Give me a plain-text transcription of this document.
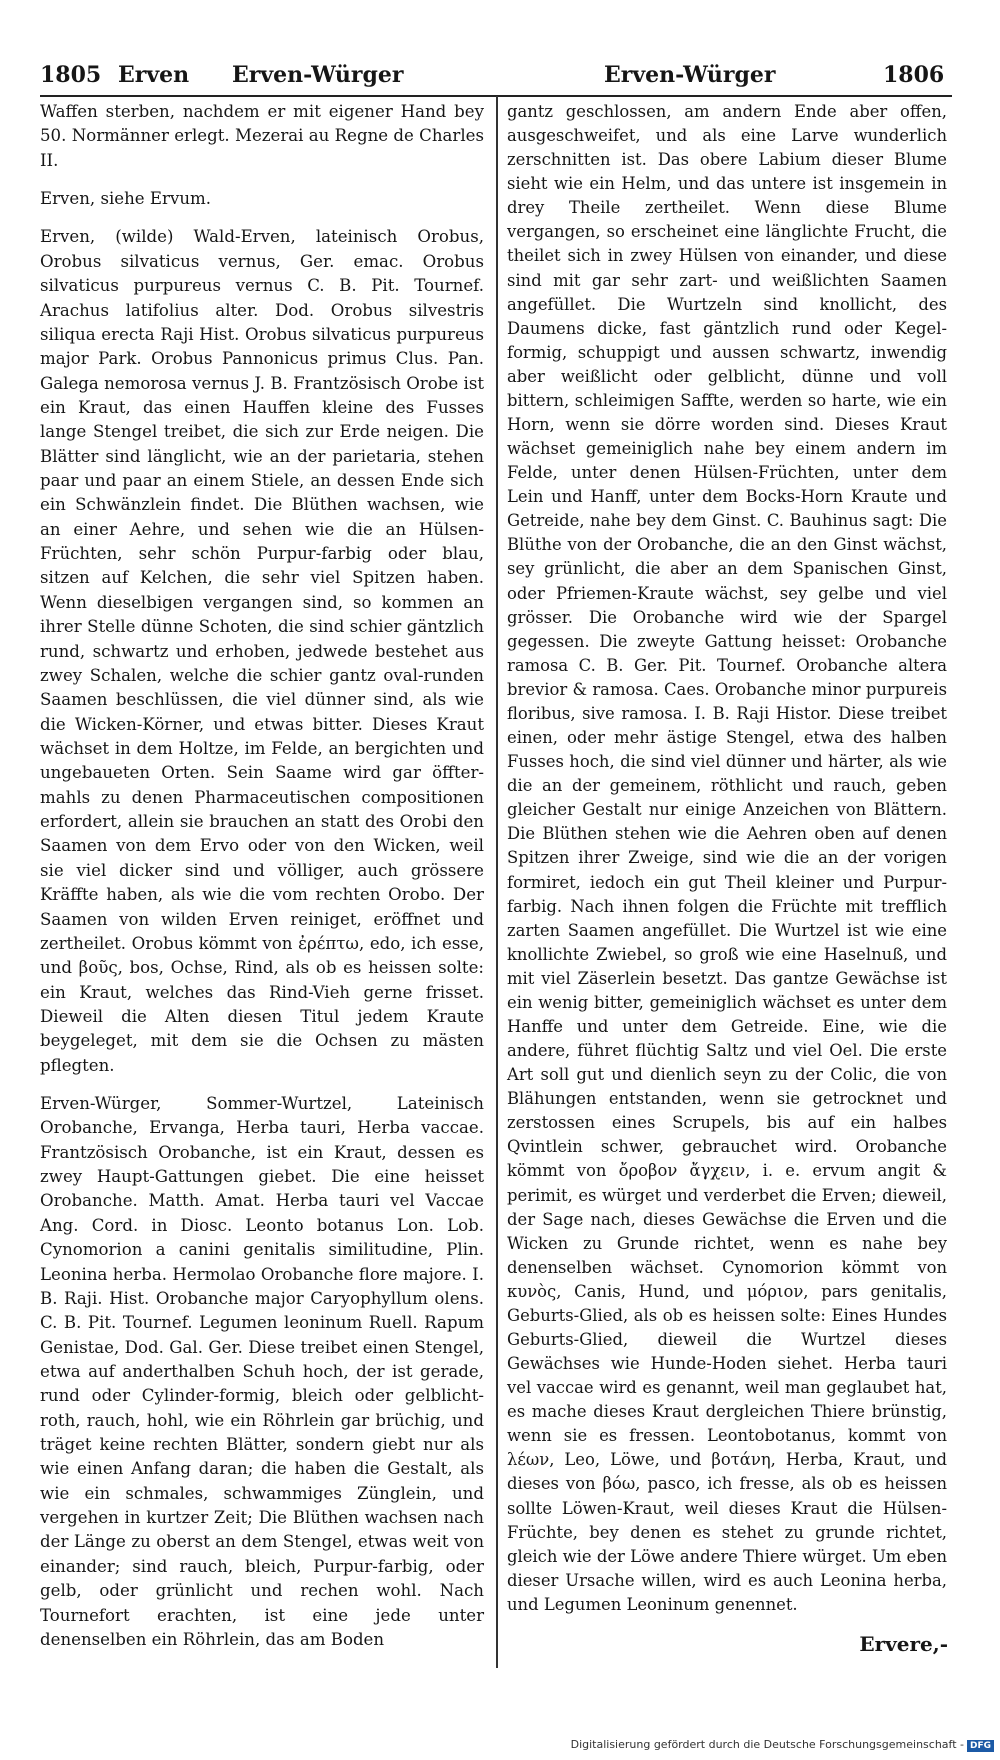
1805 Erven Erven-Würger	Erven-Würger	1806

Waffen sterben, nachdem er mit eigener Hand bey 50. Normänner erlegt. Mezerai au Regne de Charles II.

Erven, siehe Ervum.

Erven, (wilde) Wald-Erven, lateinisch Orobus, Orobus silvaticus vernus, Ger. emac. Orobus silvaticus purpureus vernus C. B. Pit. Tournef. Arachus latifolius alter. Dod. Orobus silvestris siliqua erecta Raji Hist. Orobus silvaticus purpureus major Park. Orobus Pannonicus primus Clus. Pan. Galega nemorosa vernus J. B. Frantzösisch Orobe ist ein Kraut, das einen Hauffen kleine des Fusses lange Stengel treibet, die sich zur Erde neigen. Die Blätter sind länglicht, wie an der parietaria, stehen paar und paar an einem Stiele, an dessen Ende sich ein Schwänzlein findet. Die Blüthen wachsen, wie an einer Aehre, und sehen wie die an Hülsen-Früchten, sehr schön Purpur-farbig oder blau, sitzen auf Kelchen, die sehr viel Spitzen haben. Wenn dieselbigen vergangen sind, so kommen an ihrer Stelle dünne Schoten, die sind schier gäntzlich rund, schwartz und erhoben, jedwede bestehet aus zwey Schalen, welche die schier gantz oval-runden Saamen beschlüssen, die viel dünner sind, als wie die Wicken-Körner, und etwas bitter. Dieses Kraut wächset in dem Holtze, im Felde, an bergichten und ungebaueten Orten. Sein Saame wird gar öffter-mahls zu denen Pharmaceutischen compositionen erfordert, allein sie brauchen an statt des Orobi den Saamen von dem Ervo oder von den Wicken, weil sie viel dicker sind und völliger, auch grössere Kräffte haben, als wie die vom rechten Orobo. Der Saamen von wilden Erven reiniget, eröffnet und zertheilet. Orobus kömmt von ἐρέπτω, edo, ich esse, und βοῦς, bos, Ochse, Rind, als ob es heissen solte: ein Kraut, welches das Rind-Vieh gerne frisset. Dieweil die Alten diesen Titul jedem Kraute beygeleget, mit dem sie die Ochsen zu mästen pflegten.

Erven-Würger, Sommer-Wurtzel, Lateinisch Orobanche, Ervanga, Herba tauri, Herba vaccae. Frantzösisch Orobanche, ist ein Kraut, dessen es zwey Haupt-Gattungen giebet. Die eine heisset Orobanche. Matth. Amat. Herba tauri vel Vaccae Ang. Cord. in Diosc. Leonto botanus Lon. Lob. Cynomorion a canini genitalis similitudine, Plin. Leonina herba. Hermolao Orobanche flore majore. I. B. Raji. Hist. Orobanche major Caryophyllum olens. C. B. Pit. Tournef. Legumen leoninum Ruell. Rapum Genistae, Dod. Gal. Ger. Diese treibet einen Stengel, etwa auf anderthalben Schuh hoch, der ist gerade, rund oder Cylinder-formig, bleich oder gelblicht-roth, rauch, hohl, wie ein Röhrlein gar brüchig, und träget keine rechten Blätter, sondern giebt nur als wie einen Anfang daran; die haben die Gestalt, als wie ein schmales, schwammiges Zünglein, und vergehen in kurtzer Zeit; Die Blüthen wachsen nach der Länge zu oberst an dem Stengel, etwas weit von einander; sind rauch, bleich, Purpur-farbig, oder gelb, oder grünlicht und rechen wohl. Nach Tournefort erachten, ist eine jede unter denenselben ein Röhrlein, das am Boden

gantz geschlossen, am andern Ende aber offen, ausgeschweifet, und als eine Larve wunderlich zerschnitten ist. Das obere Labium dieser Blume sieht wie ein Helm, und das untere ist insgemein in drey Theile zertheilet. Wenn diese Blume vergangen, so erscheinet eine länglichte Frucht, die theilet sich in zwey Hülsen von einander, und diese sind mit gar sehr zart- und weißlichten Saamen angefüllet. Die Wurtzeln sind knollicht, des Daumens dicke, fast gäntzlich rund oder Kegel-formig, schuppigt und aussen schwartz, inwendig aber weißlicht oder gelblicht, dünne und voll bittern, schleimigen Saffte, werden so harte, wie ein Horn, wenn sie dörre worden sind. Dieses Kraut wächset gemeiniglich nahe bey einem andern im Felde, unter denen Hülsen-Früchten, unter dem Lein und Hanff, unter dem Bocks-Horn Kraute und Getreide, nahe bey dem Ginst. C. Bauhinus sagt: Die Blüthe von der Orobanche, die an den Ginst wächst, sey grünlicht, die aber an dem Spanischen Ginst, oder Pfriemen-Kraute wächst, sey gelbe und viel grösser. Die Orobanche wird wie der Spargel gegessen. Die zweyte Gattung heisset: Orobanche ramosa C. B. Ger. Pit. Tournef. Orobanche altera brevior & ramosa. Caes. Orobanche minor purpureis floribus, sive ramosa. I. B. Raji Histor. Diese treibet einen, oder mehr ästige Stengel, etwa des halben Fusses hoch, die sind viel dünner und härter, als wie die an der gemeinem, röthlicht und rauch, geben gleicher Gestalt nur einige Anzeichen von Blättern. Die Blüthen stehen wie die Aehren oben auf denen Spitzen ihrer Zweige, sind wie die an der vorigen formiret, iedoch ein gut Theil kleiner und Purpur-farbig. Nach ihnen folgen die Früchte mit trefflich zarten Saamen angefüllet. Die Wurtzel ist wie eine knollichte Zwiebel, so groß wie eine Haselnuß, und mit viel Zäserlein besetzt. Das gantze Gewächse ist ein wenig bitter, gemeiniglich wächset es unter dem Hanffe und unter dem Getreide. Eine, wie die andere, führet flüchtig Saltz und viel Oel. Die erste Art soll gut und dienlich seyn zu der Colic, die von Blähungen entstanden, wenn sie getrocknet und zerstossen eines Scrupels, bis auf ein halbes Qvintlein schwer, gebrauchet wird. Orobanche kömmt von ὄροβον ἄγχειν, i. e. ervum angit & perimit, es würget und verderbet die Erven; dieweil, der Sage nach, dieses Gewächse die Erven und die Wicken zu Grunde richtet, wenn es nahe bey denenselben wächset. Cynomorion kömmt von κυνὸς, Canis, Hund, und μόριον, pars genitalis, Geburts-Glied, als ob es heissen solte: Eines Hundes Geburts-Glied, dieweil die Wurtzel dieses Gewächses wie Hunde-Hoden siehet. Herba tauri vel vaccae wird es genannt, weil man geglaubet hat, es mache dieses Kraut dergleichen Thiere brünstig, wenn sie es fressen. Leontobotanus, kommt von λέων, Leo, Löwe, und βοτάνη, Herba, Kraut, und dieses von βόω, pasco, ich fresse, als ob es heissen sollte Löwen-Kraut, weil dieses Kraut die Hülsen-Früchte, bey denen es stehet zu grunde richtet, gleich wie der Löwe andere Thiere würget. Um eben dieser Ursache willen, wird es auch Leonina herba, und Legumen Leoninum genennet.

Ervere,-
Digitalisierung gefördert durch die Deutsche Forschungsgemeinschaft - DFG
